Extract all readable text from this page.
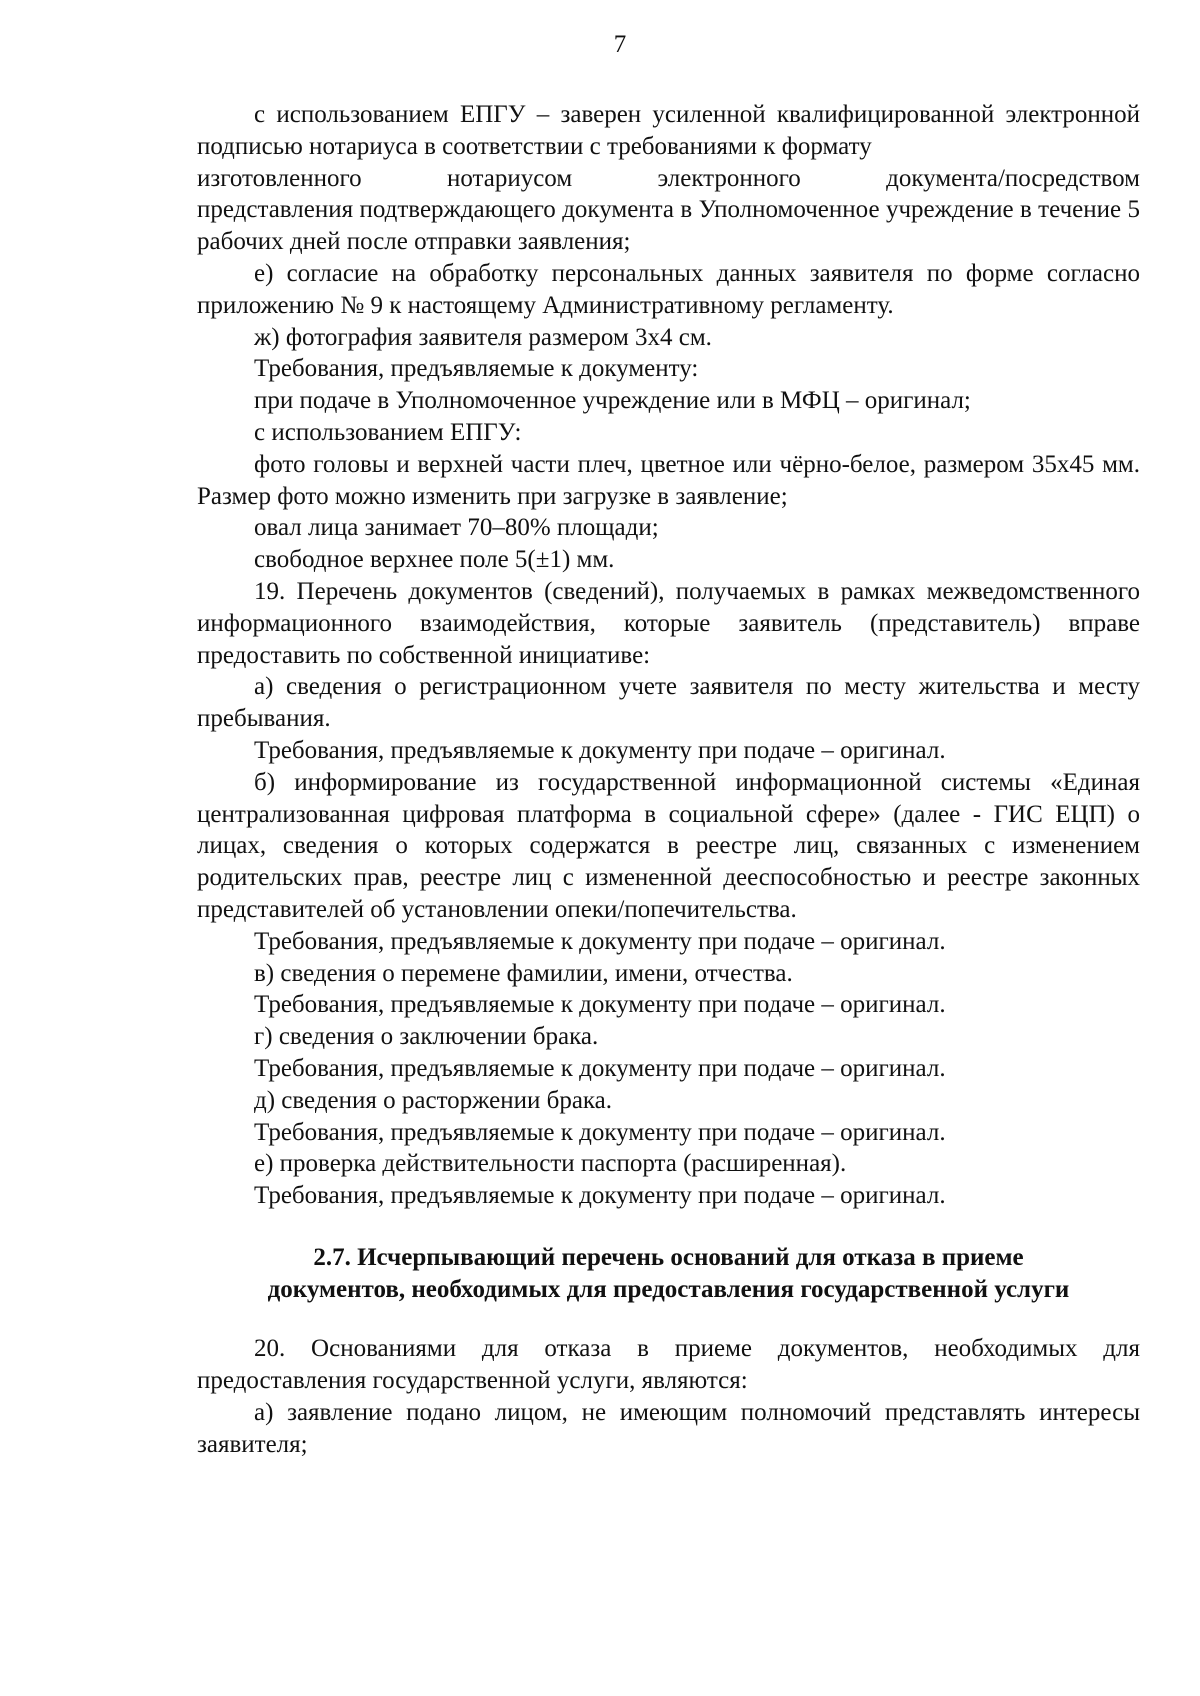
7

с использованием ЕПГУ – заверен усиленной квалифицированной электронной подписью нотариуса в соответствии с требованиями к формату

изготовленного нотариусом электронного документа/посредством

представления подтверждающего документа в Уполномоченное учреждение в течение 5 рабочих дней после отправки заявления;

е) согласие на обработку персональных данных заявителя по форме согласно приложению № 9 к настоящему Административному регламенту.

ж) фотография заявителя размером 3х4 см.

Требования, предъявляемые к документу:

при подаче в Уполномоченное учреждение или в МФЦ – оригинал;

с использованием ЕПГУ:

фото головы и верхней части плеч, цветное или чёрно-белое, размером 35х45 мм. Размер фото можно изменить при загрузке в заявление;

овал лица занимает 70–80% площади;

свободное верхнее поле 5(±1) мм.

19. Перечень документов (сведений), получаемых в рамках межведомственного информационного взаимодействия, которые заявитель (представитель) вправе предоставить по собственной инициативе:

а) сведения о регистрационном учете заявителя по месту жительства и месту пребывания.

Требования, предъявляемые к документу при подаче – оригинал.

б) информирование из государственной информационной системы «Единая централизованная цифровая платформа в социальной сфере» (далее - ГИС ЕЦП) о лицах, сведения о которых содержатся в реестре лиц, связанных с изменением родительских прав, реестре лиц с измененной дееспособностью и реестре законных представителей об установлении опеки/попечительства.

Требования, предъявляемые к документу при подаче – оригинал.

в) сведения о перемене фамилии, имени, отчества.

Требования, предъявляемые к документу при подаче – оригинал.

г) сведения о заключении брака.

Требования, предъявляемые к документу при подаче – оригинал.

д) сведения о расторжении брака.

Требования, предъявляемые к документу при подаче – оригинал.

е) проверка действительности паспорта (расширенная).

Требования, предъявляемые к документу при подаче – оригинал.

2.7. Исчерпывающий перечень оснований для отказа в приеме
документов, необходимых для предоставления государственной услуги

20. Основаниями для отказа в приеме документов, необходимых для предоставления государственной услуги, являются:

а) заявление подано лицом, не имеющим полномочий представлять интересы заявителя;
